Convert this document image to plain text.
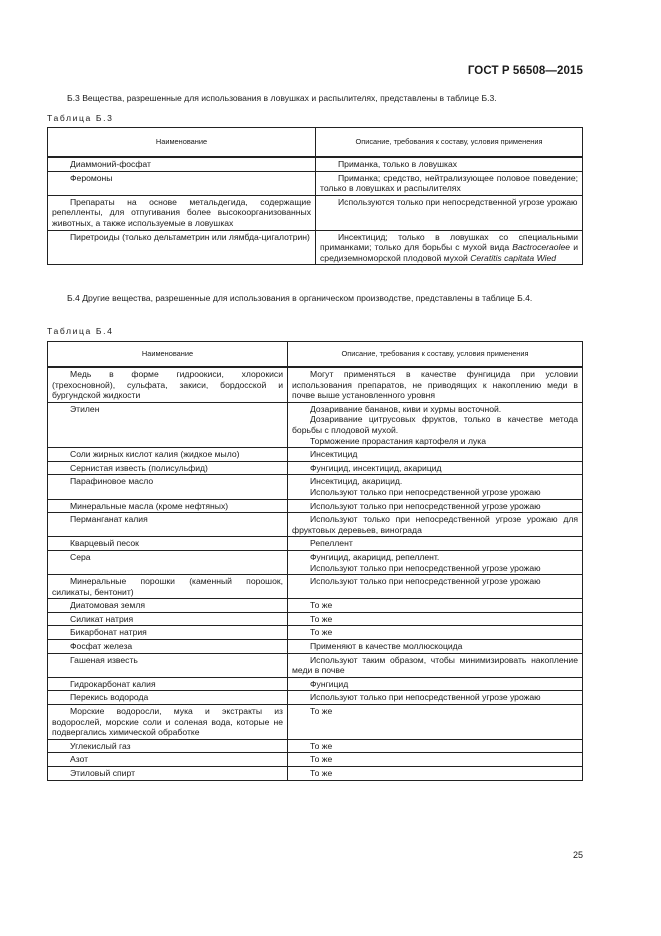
ГОСТ Р 56508—2015
Б.3 Вещества, разрешенные для использования в ловушках и распылителях, представлены в таблице Б.3.
Таблица Б.3
Наименование	Описание, требования к составу, условия применения

Диаммоний-фосфат	Приманка, только в ловушках

Феромоны	Приманка; средство, нейтрализующее половое поведение; только в ловушках и распылителях

Препараты на основе метальдегида, содержащие репелленты, для отпугивания более высокоорганизованных животных, а также используемые в ловушках	Используются только при непосредственной угрозе урожаю

Пиретроиды (только дельтаметрин или лямбда-цигалотрин)	Инсектицид; только в ловушках со специальными приманками; только для борьбы с мухой вида Bactroceraolee и средиземноморской плодовой мухой Ceratitis capitata Wied
Б.4 Другие вещества, разрешенные для использования в органическом производстве, представлены в таблице Б.4.
Таблица Б.4
Наименование	Описание, требования к составу, условия применения

Медь в форме гидроокиси, хлорокиси (трехосновной), сульфата, закиси, бордосской и бургундской жидкости	Могут применяться в качестве фунгицида при условии использования препаратов, не приводящих к накоплению меди в почве выше установленного уровня

Этилен	Дозаривание бананов, киви и хурмы восточной.
Дозаривание цитрусовых фруктов, только в качестве метода борьбы с плодовой мухой.
Торможение прорастания картофеля и лука

Соли жирных кислот калия (жидкое мыло)	Инсектицид

Сернистая известь (полисульфид)	Фунгицид, инсектицид, акарицид

Парафиновое масло	Инсектицид, акарицид.
Используют только при непосредственной угрозе урожаю

Минеральные масла (кроме нефтяных)	Используют только при непосредственной угрозе урожаю

Перманганат калия	Используют только при непосредственной угрозе урожаю для фруктовых деревьев, винограда

Кварцевый песок	Репеллент

Сера	Фунгицид, акарицид, репеллент.
Используют только при непосредственной угрозе урожаю

Минеральные порошки (каменный порошок, силикаты, бентонит)	Используют только при непосредственной угрозе урожаю

Диатомовая земля	То же

Силикат натрия	То же

Бикарбонат натрия	То же

Фосфат железа	Применяют в качестве моллюскоцида

Гашеная известь	Используют таким образом, чтобы минимизировать накопление меди в почве

Гидрокарбонат калия	Фунгицид

Перекись водорода	Используют только при непосредственной угрозе урожаю

Морские водоросли, мука и экстракты из водорослей, морские соли и соленая вода, которые не подвергались химической обработке	То же

Углекислый газ	То же

Азот	То же

Этиловый спирт	То же
25
